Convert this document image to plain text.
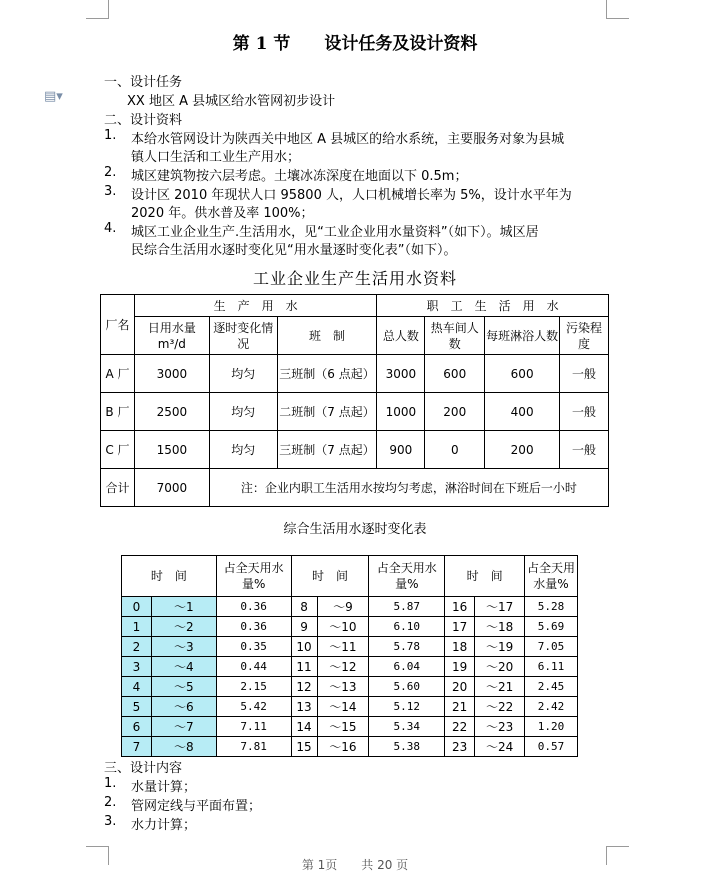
▤▾
第 1 节　　设计任务及设计资料
一、设计任务
XX 地区 A 县城区给水管网初步设计
二、设计资料
1. 本给水管网设计为陕西关中地区 A 县城区的给水系统，主要服务对象为县城
镇人口生活和工业生产用水；
2. 城区建筑物按六层考虑。土壤冰冻深度在地面以下 0.5m；
3. 设计区 2010 年现状人口 95800 人，人口机械增长率为 5%，设计水平年为
2020 年。供水普及率 100%；
4. 城区工业企业生产.生活用水，见“工业企业用水量资料”（如下）。城区居
民综合生活用水逐时变化见“用水量逐时变化表”（如下）。
工业企业生产生活用水资料
厂名	生　产　用　水			职　工　生　活　用　水			
	日用水量 m³/d	逐时变化情况	班　制	总人数	热车间人数	每班淋浴人数	污染程度
A 厂	3000	均匀	三班制（6 点起）	3000	600	600	一般
B 厂	2500	均匀	二班制（7 点起）	1000	200	400	一般
C 厂	1500	均匀	三班制（7 点起）	900	0	200	一般
合计	7000	注：企业内职工生活用水按均匀考虑，淋浴时间在下班后一小时					
综合生活用水逐时变化表
时　间		占全天用水量%	时　间		占全天用水量%	时　间		占全天用水量%
0	～1	0.36	8	～9	5.87	16	～17	5.28
1	～2	0.36	9	～10	6.10	17	～18	5.69
2	～3	0.35	10	～11	5.78	18	～19	7.05
3	～4	0.44	11	～12	6.04	19	～20	6.11
4	～5	2.15	12	～13	5.60	20	～21	2.45
5	～6	5.42	13	～14	5.12	21	～22	2.42
6	～7	7.11	14	～15	5.34	22	～23	1.20
7	～8	7.81	15	～16	5.38	23	～24	0.57
三、设计内容
1. 水量计算；
2. 管网定线与平面布置；
3. 水力计算；
第 1页　　共 20 页
